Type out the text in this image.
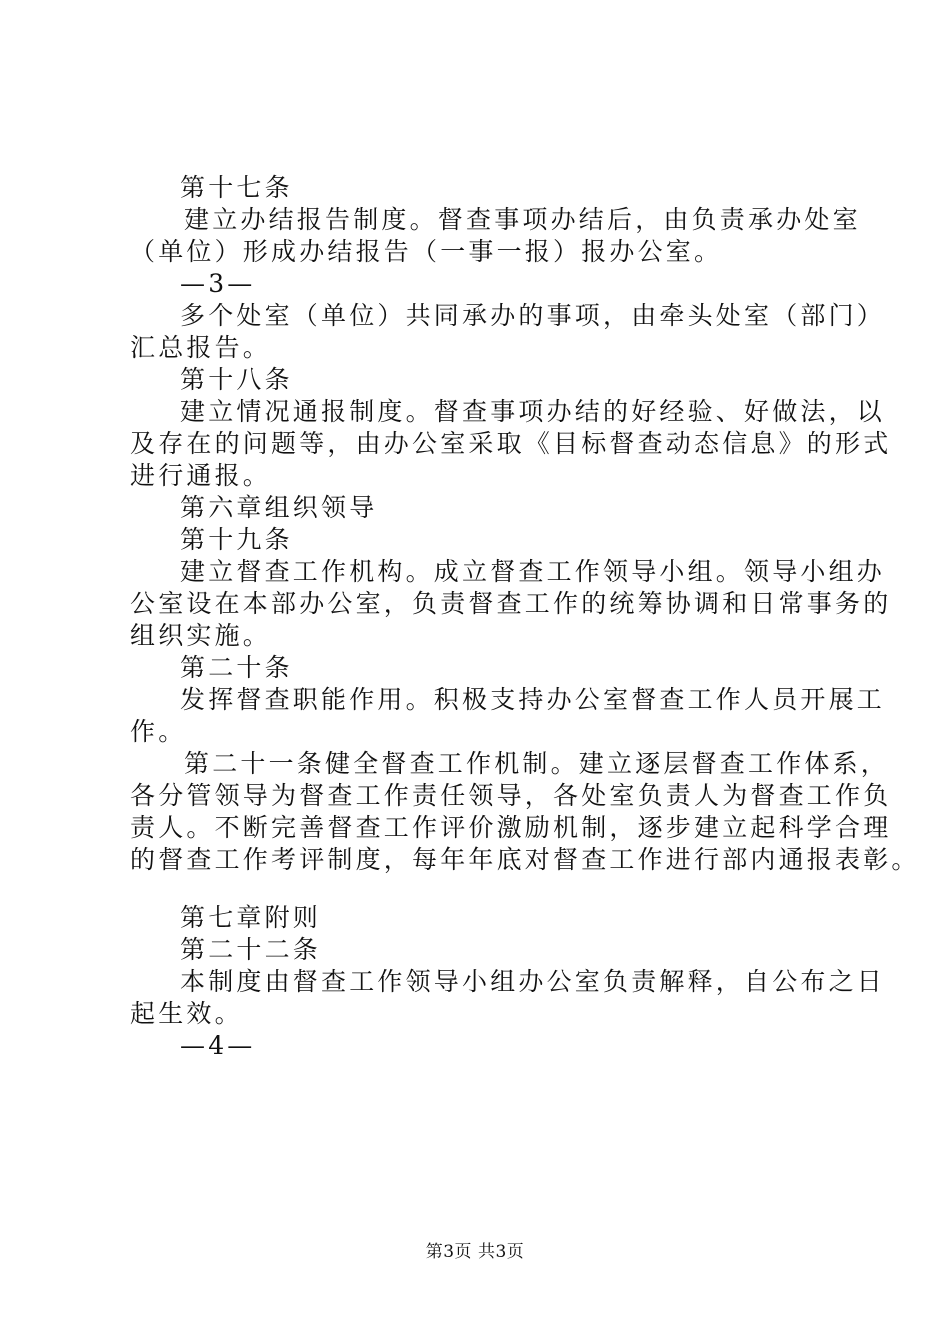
第十七条
建立办结报告制度。督查事项办结后，由负责承办处室
（单位）形成办结报告（一事一报）报办公室。
—3—
多个处室（单位）共同承办的事项，由牵头处室（部门）
汇总报告。
第十八条
建立情况通报制度。督查事项办结的好经验、好做法，以
及存在的问题等，由办公室采取《目标督查动态信息》的形式
进行通报。
第六章组织领导
第十九条
建立督查工作机构。成立督查工作领导小组。领导小组办
公室设在本部办公室，负责督查工作的统筹协调和日常事务的
组织实施。
第二十条
发挥督查职能作用。积极支持办公室督查工作人员开展工
作。
第二十一条健全督查工作机制。建立逐层督查工作体系，
各分管领导为督查工作责任领导，各处室负责人为督查工作负
责人。不断完善督查工作评价激励机制，逐步建立起科学合理
的督查工作考评制度，每年年底对督查工作进行部内通报表彰。
第七章附则
第二十二条
本制度由督查工作领导小组办公室负责解释，自公布之日
起生效。
—4—
第3页 共3页
